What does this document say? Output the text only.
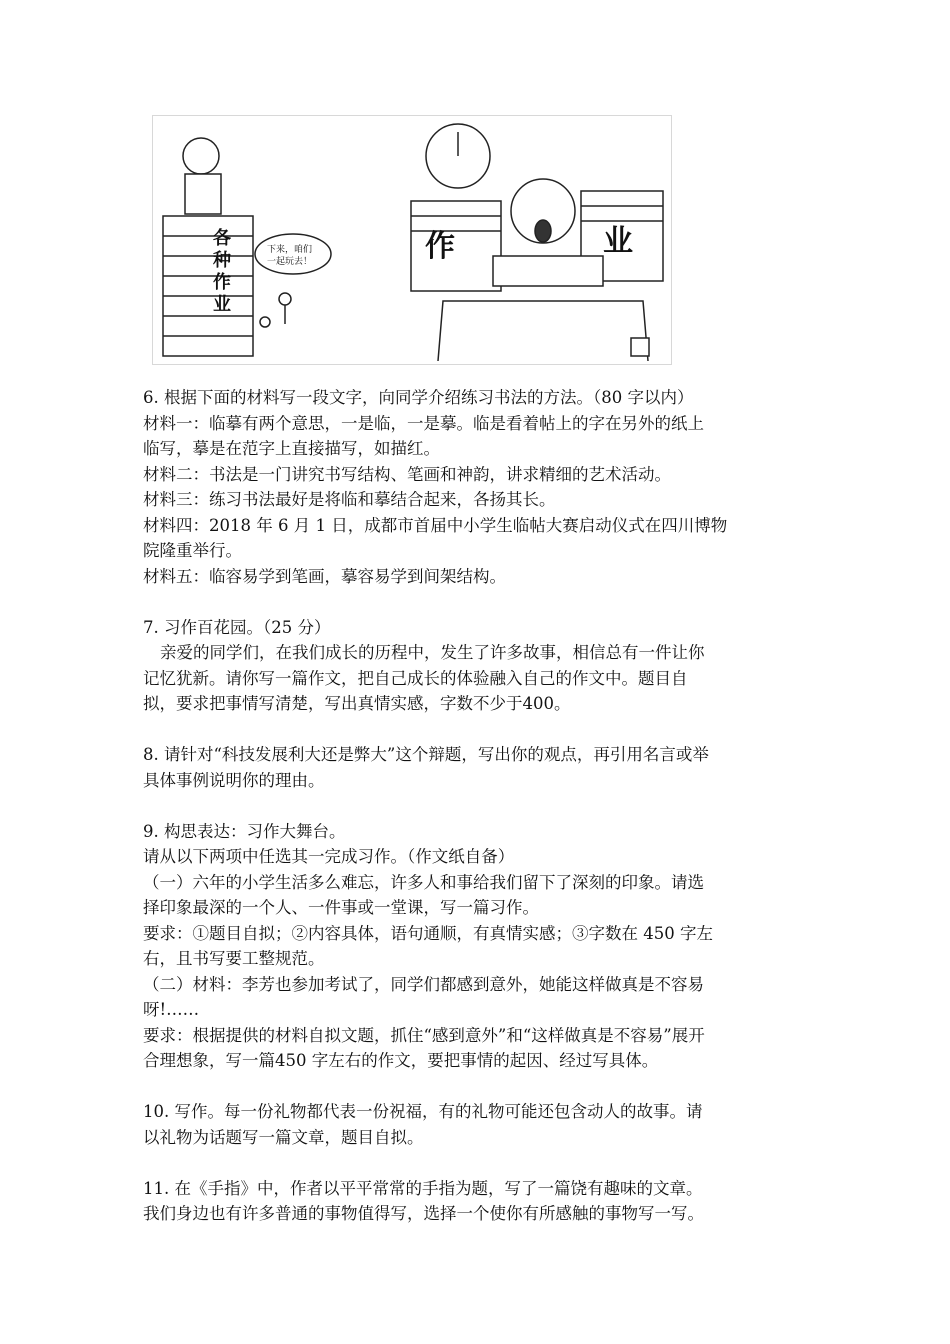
各
种
作
业
下来，咱们
一起玩去！	作	业
6. 根据下面的材料写一段文字，向同学介绍练习书法的方法。（80 字以内）
材料一：临摹有两个意思，一是临，一是摹。临是看着帖上的字在另外的纸上
临写，摹是在范字上直接描写，如描红。
材料二：书法是一门讲究书写结构、笔画和神韵，讲求精细的艺术活动。
材料三：练习书法最好是将临和摹结合起来，各扬其长。
材料四：2018 年 6 月 1 日，成都市首届中小学生临帖大赛启动仪式在四川博物
院隆重举行。
材料五：临容易学到笔画，摹容易学到间架结构。
7. 习作百花园。（25 分）
亲爱的同学们，在我们成长的历程中，发生了许多故事，相信总有一件让你
记忆犹新。请你写一篇作文，把自己成长的体验融入自己的作文中。题目自
拟，要求把事情写清楚，写出真情实感，字数不少于400。
8. 请针对“科技发展利大还是弊大”这个辩题，写出你的观点，再引用名言或举
具体事例说明你的理由。
9. 构思表达：习作大舞台。
请从以下两项中任选其一完成习作。（作文纸自备）
（一）六年的小学生活多么难忘，许多人和事给我们留下了深刻的印象。请选
择印象最深的一个人、一件事或一堂课，写一篇习作。
要求：①题目自拟；②内容具体，语句通顺，有真情实感；③字数在 450 字左
右，且书写要工整规范。
（二）材料：李芳也参加考试了，同学们都感到意外，她能这样做真是不容易
呀!……
要求：根据提供的材料自拟文题，抓住“感到意外”和“这样做真是不容易”展开
合理想象，写一篇450 字左右的作文，要把事情的起因、经过写具体。
10. 写作。每一份礼物都代表一份祝福，有的礼物可能还包含动人的故事。请
以礼物为话题写一篇文章，题目自拟。
11. 在《手指》中，作者以平平常常的手指为题，写了一篇饶有趣味的文章。
我们身边也有许多普通的事物值得写，选择一个使你有所感触的事物写一写。
